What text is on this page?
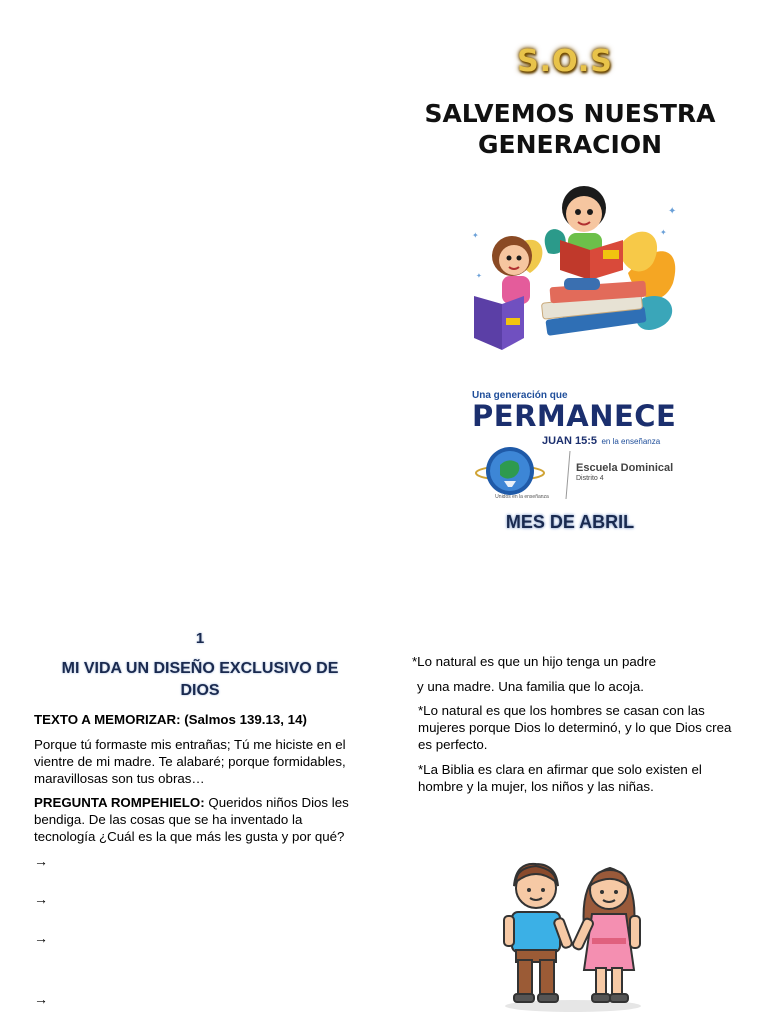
S.O.S
SALVEMOS NUESTRA
GENERACION
✦
✦
✦
✦
Una generación que
PERMANECE
JUAN 15:5 en la enseñanza
Unidos en la enseñanza
Escuela Dominical
Distrito 4
MES DE ABRIL
1
MI VIDA UN DISEÑO EXCLUSIVO DE
DIOS
TEXTO A MEMORIZAR: (Salmos 139.13, 14)
Porque tú formaste mis entrañas; Tú me hiciste en el vientre de mi madre. Te alabaré; porque formidables, maravillosas son tus obras…
PREGUNTA ROMPEHIELO: Queridos niños Dios les bendiga. De las cosas que se ha inventado la tecnología ¿Cuál es la que más les gusta y por qué?
→
→
→
→
*Lo natural es que un hijo tenga un padre
y una madre. Una familia que lo acoja.
*Lo natural es que los hombres se casan con las mujeres porque Dios lo determinó, y lo que Dios crea es perfecto.
*La Biblia es clara en afirmar que solo existen el hombre y la mujer, los niños y las niñas.
